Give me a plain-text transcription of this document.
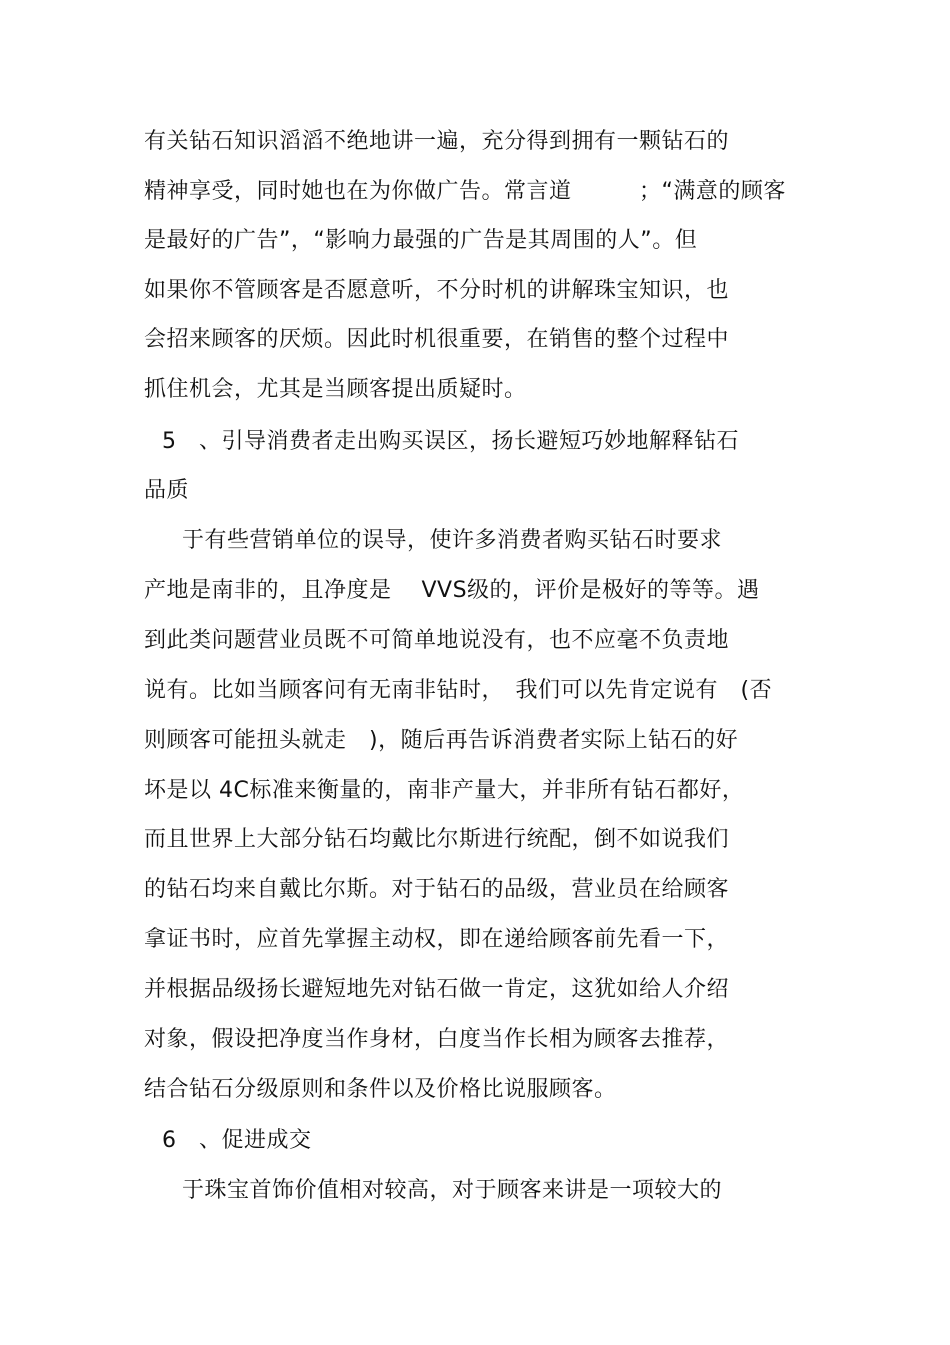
有关钻石知识滔滔不绝地讲一遍，充分得到拥有一颗钻石的
精神享受，同时她也在为你做广告。常言道　　　；“满意的顾客
是最好的广告”，“影响力最强的广告是其周围的人”。但
如果你不管顾客是否愿意听，不分时机的讲解珠宝知识，也
会招来顾客的厌烦。因此时机很重要，在销售的整个过程中
抓住机会，尤其是当顾客提出质疑时。
5　、引导消费者走出购买误区，扬长避短巧妙地解释钻石
品质
于有些营销单位的误导，使许多消费者购买钻石时要求
产地是南非的，且净度是　 VVS级的，评价是极好的等等。遇
到此类问题营业员既不可简单地说没有，也不应毫不负责地
说有。比如当顾客问有无南非钻时，　我们可以先肯定说有　(否
则顾客可能扭头就走　)，随后再告诉消费者实际上钻石的好
坏是以 4C标准来衡量的，南非产量大，并非所有钻石都好，
而且世界上大部分钻石均戴比尔斯进行统配，倒不如说我们
的钻石均来自戴比尔斯。对于钻石的品级，营业员在给顾客
拿证书时，应首先掌握主动权，即在递给顾客前先看一下，
并根据品级扬长避短地先对钻石做一肯定，这犹如给人介绍
对象，假设把净度当作身材，白度当作长相为顾客去推荐，
结合钻石分级原则和条件以及价格比说服顾客。
6　、促进成交
于珠宝首饰价值相对较高，对于顾客来讲是一项较大的
